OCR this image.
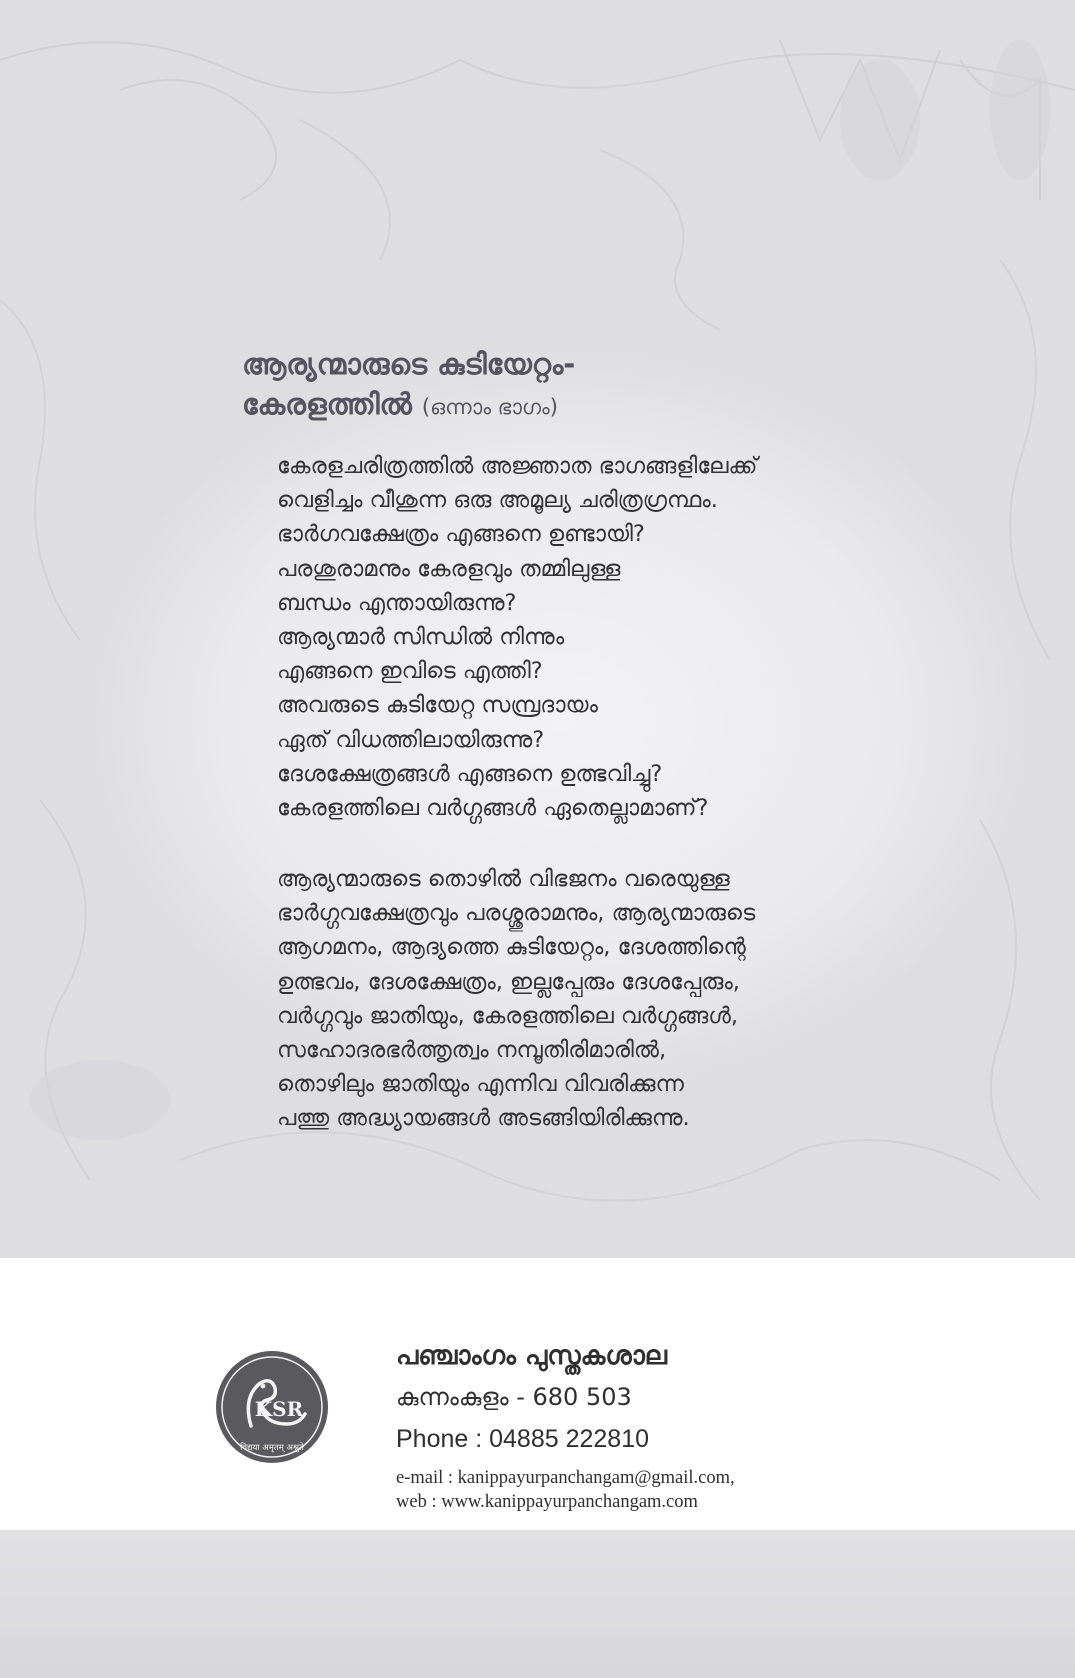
ആര്യന്മാരുടെ കുടിയേറ്റം-
കേരളത്തിൽ (ഒന്നാം ഭാഗം)
കേരളചരിത്രത്തിൽ അജ്ഞാത ഭാഗങ്ങളിലേക്ക്
വെളിച്ചം വീശുന്ന ഒരു അമൂല്യ ചരിത്രഗ്രന്ഥം.
ഭാർഗവക്ഷേത്രം എങ്ങനെ ഉണ്ടായി?
പരശുരാമനും കേരളവും തമ്മിലുള്ള
ബന്ധം എന്തായിരുന്നു?
ആര്യന്മാർ സിന്ധിൽ നിന്നും
എങ്ങനെ ഇവിടെ എത്തി?
അവരുടെ കുടിയേറ്റ സമ്പ്രദായം
ഏത് വിധത്തിലായിരുന്നു?
ദേശക്ഷേത്രങ്ങൾ എങ്ങനെ ഉത്ഭവിച്ചു?
കേരളത്തിലെ വർഗ്ഗങ്ങൾ ഏതെല്ലാമാണ്?
ആര്യന്മാരുടെ തൊഴിൽ വിഭജനം വരെയുള്ള
ഭാർഗ്ഗവക്ഷേത്രവും പരശ്ശുരാമനും, ആര്യന്മാരുടെ
ആഗമനം, ആദ്യത്തെ കുടിയേറ്റം, ദേശത്തിന്റെ
ഉത്ഭവം, ദേശക്ഷേത്രം, ഇല്ലപ്പേരും ദേശപ്പേരും,
വർഗ്ഗവും ജാതിയും, കേരളത്തിലെ വർഗ്ഗങ്ങൾ,
സഹോദരഭർത്തൃത്വം നമ്പൂതിരിമാരിൽ,
തൊഴിലും ജാതിയും എന്നിവ വിവരിക്കുന്ന
പത്തു അദ്ധ്യായങ്ങൾ അടങ്ങിയിരിക്കുന്നു.
KSR
विद्यया अमृतम् अश्नुते
പഞ്ചാംഗം പുസ്തകശാല
കുന്നംകുളം - 680 503
Phone : 04885 222810
e-mail : kanippayurpanchangam@gmail.com,
web : www.kanippayurpanchangam.com
